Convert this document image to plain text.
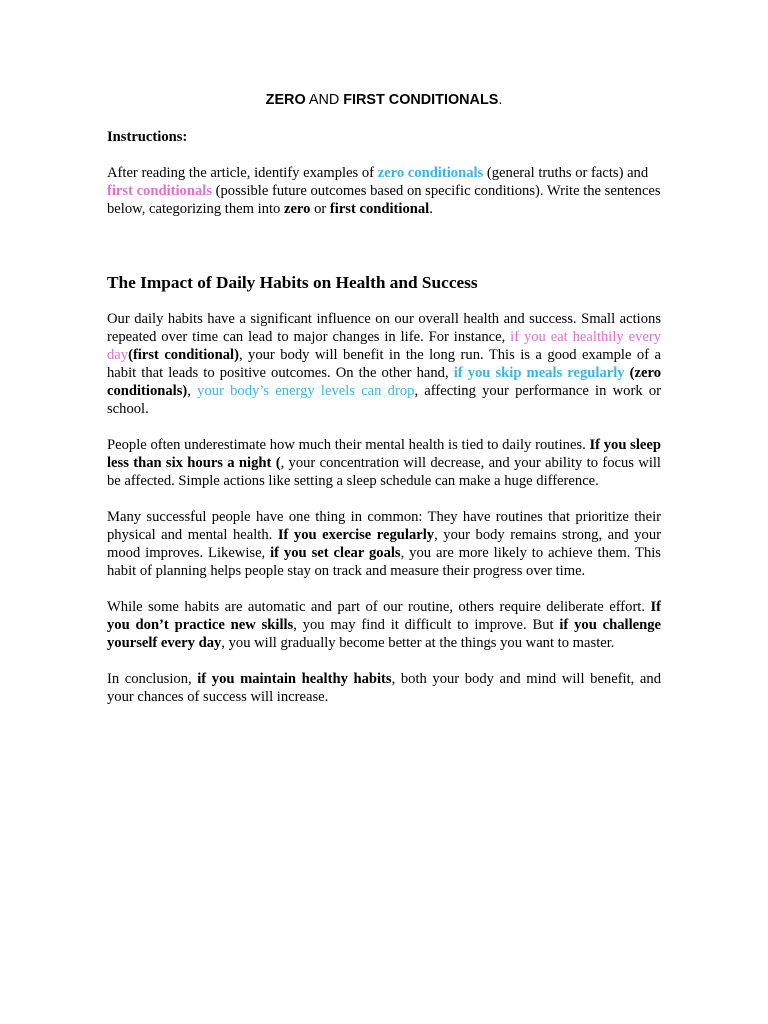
ZERO AND FIRST CONDITIONALS.

Instructions:

After reading the article, identify examples of zero conditionals (general truths or facts) and first conditionals (possible future outcomes based on specific conditions). Write the sentences below, categorizing them into zero or first conditional.

The Impact of Daily Habits on Health and Success

Our daily habits have a significant influence on our overall health and success. Small actions repeated over time can lead to major changes in life. For instance, if you eat healthily every day(first conditional), your body will benefit in the long run. This is a good example of a habit that leads to positive outcomes. On the other hand, if you skip meals regularly (zero conditionals), your body’s energy levels can drop, affecting your performance in work or school.

People often underestimate how much their mental health is tied to daily routines. If you sleep less than six hours a night (, your concentration will decrease, and your ability to focus will be affected. Simple actions like setting a sleep schedule can make a huge difference.

Many successful people have one thing in common: They have routines that prioritize their physical and mental health. If you exercise regularly, your body remains strong, and your mood improves. Likewise, if you set clear goals, you are more likely to achieve them. This habit of planning helps people stay on track and measure their progress over time.

While some habits are automatic and part of our routine, others require deliberate effort. If you don’t practice new skills, you may find it difficult to improve. But if you challenge yourself every day, you will gradually become better at the things you want to master.

In conclusion, if you maintain healthy habits, both your body and mind will benefit, and your chances of success will increase.
